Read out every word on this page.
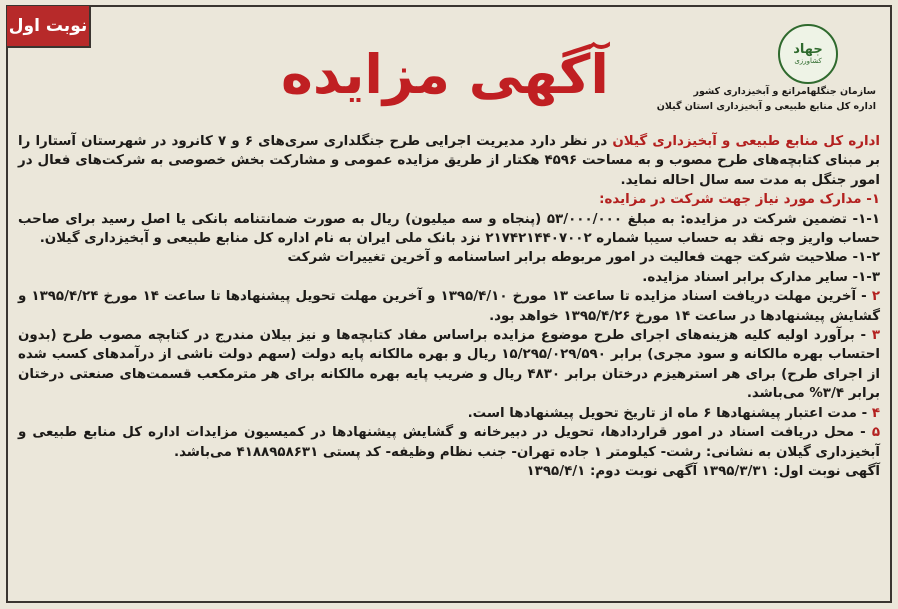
نوبت اول
آگهی مزایده	جهاد
کشاورزی
سازمان جنگلهامراتع و آبخیزداری کشور
اداره کل منابع طبیعی و آبخیزداری استان گیلان

اداره کل منابع طبیعی و آبخیزداری گیلان در نظر دارد مدیریت اجرایی طرح جنگلداری سری‌های ۶ و ۷ کانرود در شهرستان آستارا را بر مبنای کتابچه‌های طرح مصوب و به مساحت ۴۵۹۶ هکتار از طریق مزایده عمومی و مشارکت بخش خصوصی به شرکت‌های فعال در امور جنگل به مدت سه سال احاله نماید.

۱- مدارک مورد نیاز جهت شرکت در مزایده:

۱-۱- تضمین شرکت در مزایده: به مبلغ ۵۳/۰۰۰/۰۰۰ (پنجاه و سه میلیون) ریال به صورت ضمانتنامه بانکی یا اصل رسید برای صاحب حساب واریز وجه نقد به حساب سیبا شماره ۲۱۷۴۲۱۴۴۰۷۰۰۲ نزد بانک ملی ایران به نام اداره کل منابع طبیعی و آبخیزداری گیلان.

۱-۲- صلاحیت شرکت جهت فعالیت در امور مربوطه برابر اساسنامه و آخرین تغییرات شرکت

۱-۳- سایر مدارک برابر اسناد مزایده.

۲ - آخرین مهلت دریافت اسناد مزایده تا ساعت ۱۳ مورخ ۱۳۹۵/۴/۱۰ و آخرین مهلت تحویل پیشنهادها تا ساعت ۱۴ مورخ ۱۳۹۵/۴/۲۴ و گشایش پیشنهادها در ساعت ۱۴ مورخ ۱۳۹۵/۴/۲۶ خواهد بود.

۳ - برآورد اولیه کلیه هزینه‌های اجرای طرح موضوع مزایده براساس مفاد کتابچه‌ها و نیز بیلان مندرج در کتابچه مصوب طرح (بدون احتساب بهره مالکانه و سود مجری) برابر ۱۵/۲۹۵/۰۲۹/۵۹۰ ریال و بهره مالکانه پایه دولت (سهم دولت ناشی از درآمدهای کسب شده از اجرای طرح) برای هر استرهیزم درختان برابر ۴۸۳۰ ریال و ضریب پایه بهره مالکانه برای هر مترمکعب قسمت‌های صنعتی درختان برابر ۳/۴% می‌باشد.

۴ - مدت اعتبار پیشنهادها ۶ ماه از تاریخ تحویل پیشنهادها است.

۵ - محل دریافت اسناد در امور قراردادها، تحویل در دبیرخانه و گشایش پیشنهادها در کمیسیون مزایدات اداره کل منابع طبیعی و آبخیزداری گیلان به نشانی: رشت- کیلومتر ۱ جاده تهران- جنب نظام وظیفه- کد پستی ۴۱۸۸۹۵۸۶۳۱ می‌باشد.

آگهی نوبت اول: ۱۳۹۵/۳/۳۱ آگهی نوبت دوم: ۱۳۹۵/۴/۱
